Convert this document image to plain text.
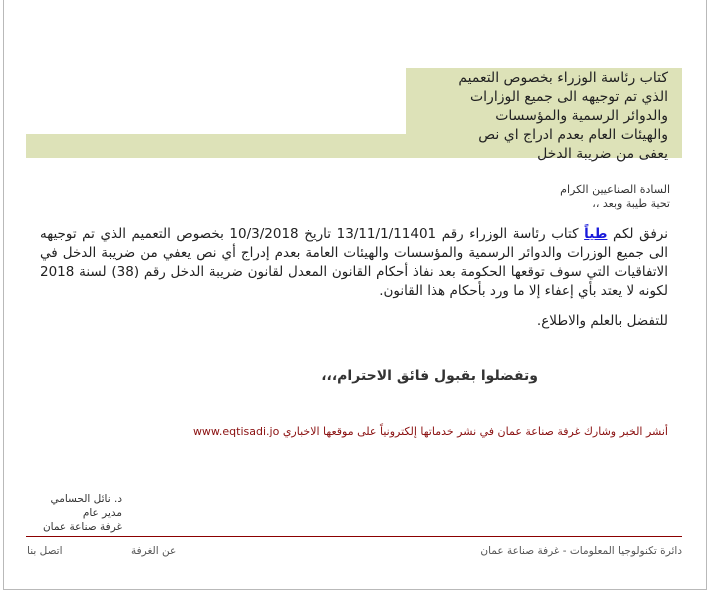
كتاب رئاسة الوزراء بخصوص التعميم
الذي تم توجيهه الى جميع الوزارات
والدوائر الرسمية والمؤسسات
والهيئات العام بعدم ادراج اي نص
يعفى من ضريبة الدخل
السادة الصناعيين الكرام
تحية طيبة وبعد ،،
نرفق لكم طياً كتاب رئاسة الوزراء رقم 13/11/1/11401 تاريخ 10/3/2018 بخصوص التعميم الذي تم توجيهه الى جميع الوزرات والدوائر الرسمية والمؤسسات والهيئات العامة بعدم إدراج أي نص يعفي من ضريبة الدخل في الاتفاقيات التي سوف توقعها الحكومة بعد نفاذ أحكام القانون المعدل لقانون ضريبة الدخل رقم (38) لسنة 2018 لكونه لا يعتد بأي إعفاء إلا ما ورد بأحكام هذا القانون.
للتفضل بالعلم والاطلاع.
وتفضلوا بقبول فائق الاحترام،،،
أنشر الخبر وشارك غرفة صناعة عمان في نشر خدماتها إلكترونياً على موقعها الاخباري www.eqtisadi.jo
د. نائل الحسامي
مدير عام
غرفة صناعة عمان
دائرة تكنولوجيا المعلومات - غرفة صناعة عمان
عن الغرفة
اتصل بنا
